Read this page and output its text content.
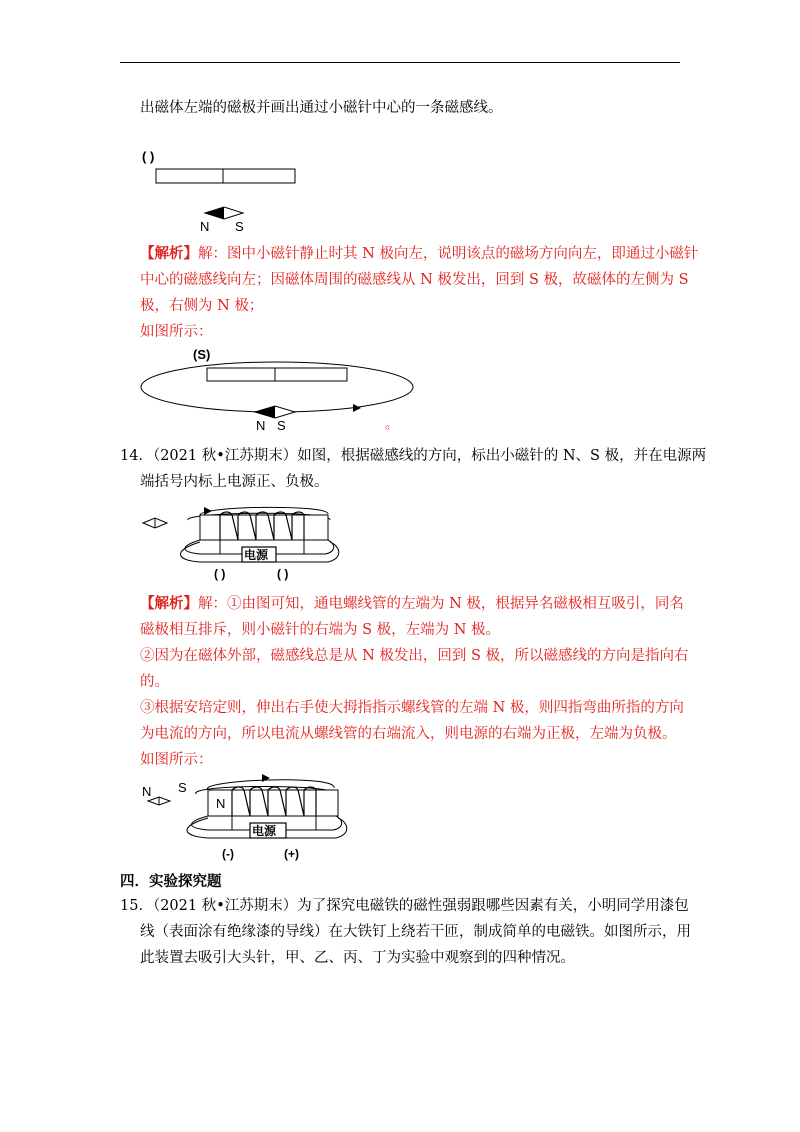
出磁体左端的磁极并画出通过小磁针中心的一条磁感线。
( )
N S
【解析】解：图中小磁针静止时其 N 极向左，说明该点的磁场方向向左，即通过小磁针
中心的磁感线向左；因磁体周围的磁感线从 N 极发出，回到 S 极，故磁体的左侧为 S
极，右侧为 N 极；
如图所示：
(S)
N S	。
14．（2021 秋•江苏期末）如图，根据磁感线的方向，标出小磁针的 N、S 极，并在电源两
端括号内标上电源正、负极。
电源
( )	( )
【解析】解：①由图可知，通电螺线管的左端为 N 极，根据异名磁极相互吸引，同名
磁极相互排斥，则小磁针的右端为 S 极，左端为 N 极。
②因为在磁体外部，磁感线总是从 N 极发出，回到 S 极，所以磁感线的方向是指向右
的。
③根据安培定则，伸出右手使大拇指指示螺线管的左端 N 极，则四指弯曲所指的方向
为电流的方向，所以电流从螺线管的右端流入，则电源的右端为正极，左端为负极。
如图所示：
N S
N
电源
(-)	(+)
四．实验探究题
15．（2021 秋•江苏期末）为了探究电磁铁的磁性强弱跟哪些因素有关，小明同学用漆包
线（表面涂有绝缘漆的导线）在大铁钉上绕若干匝，制成简单的电磁铁。如图所示，用
此装置去吸引大头针，甲、乙、丙、丁为实验中观察到的四种情况。
